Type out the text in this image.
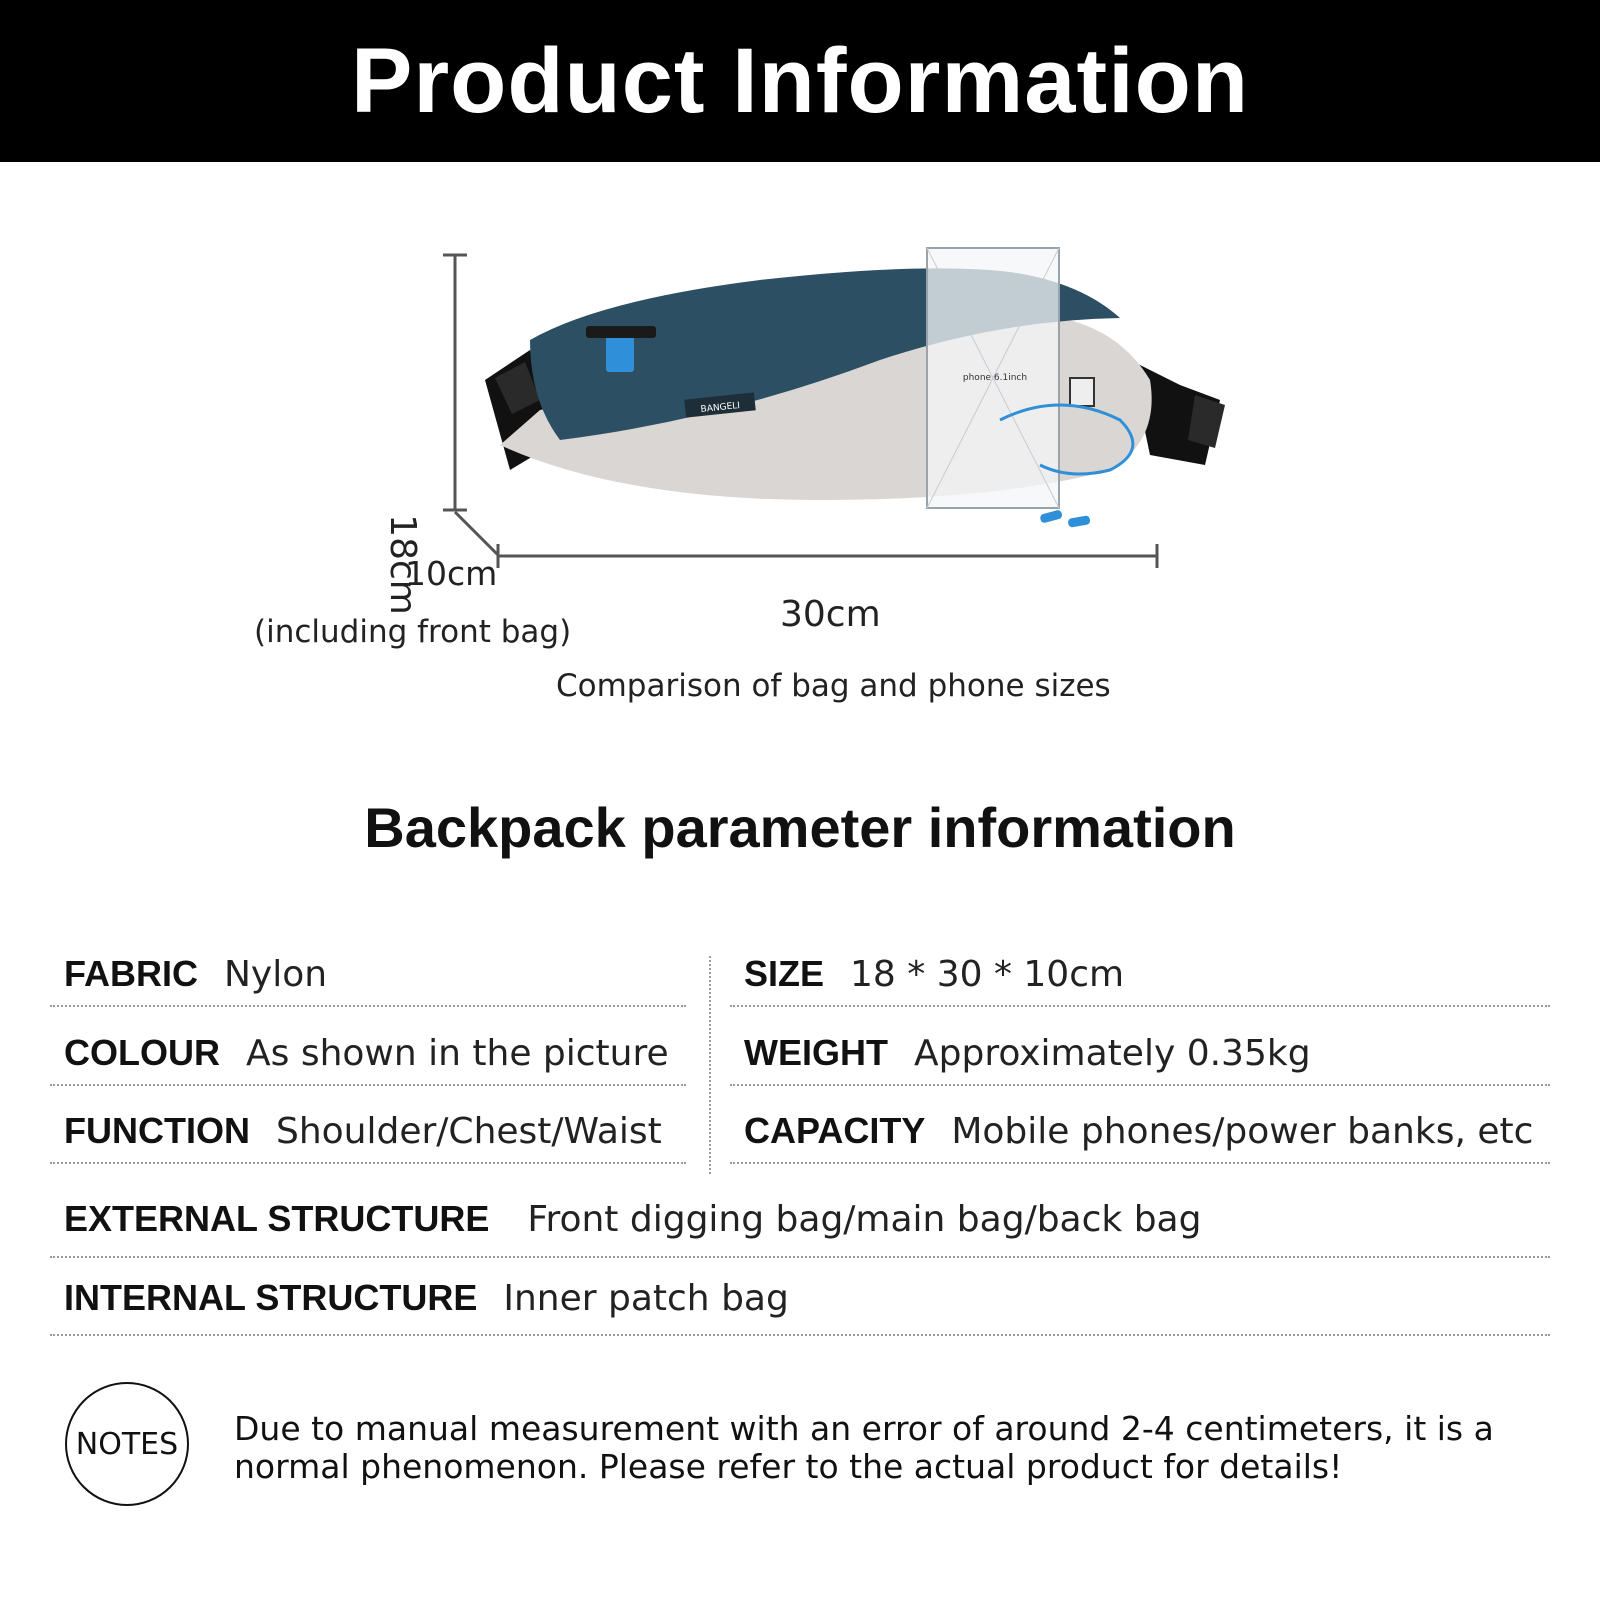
Product Information
BANGELI
phone 6.1inch
18cm
10cm
(including front bag)	30cm
Comparison of bag and phone sizes
Backpack parameter information
FABRIC Nylon	SIZE 18 * 30 * 10cm
COLOUR As shown in the picture WEIGHT Approximately 0.35kg
FUNCTION Shoulder/Chest/Waist CAPACITY Mobile phones/power banks, etc
EXTERNAL STRUCTURE Front digging bag/main bag/back bag
INTERNAL STRUCTURE Inner patch bag
NOTES	Due to manual measurement with an error of around 2-4 centimeters, it is a normal phenomenon. Please refer to the actual product for details!
